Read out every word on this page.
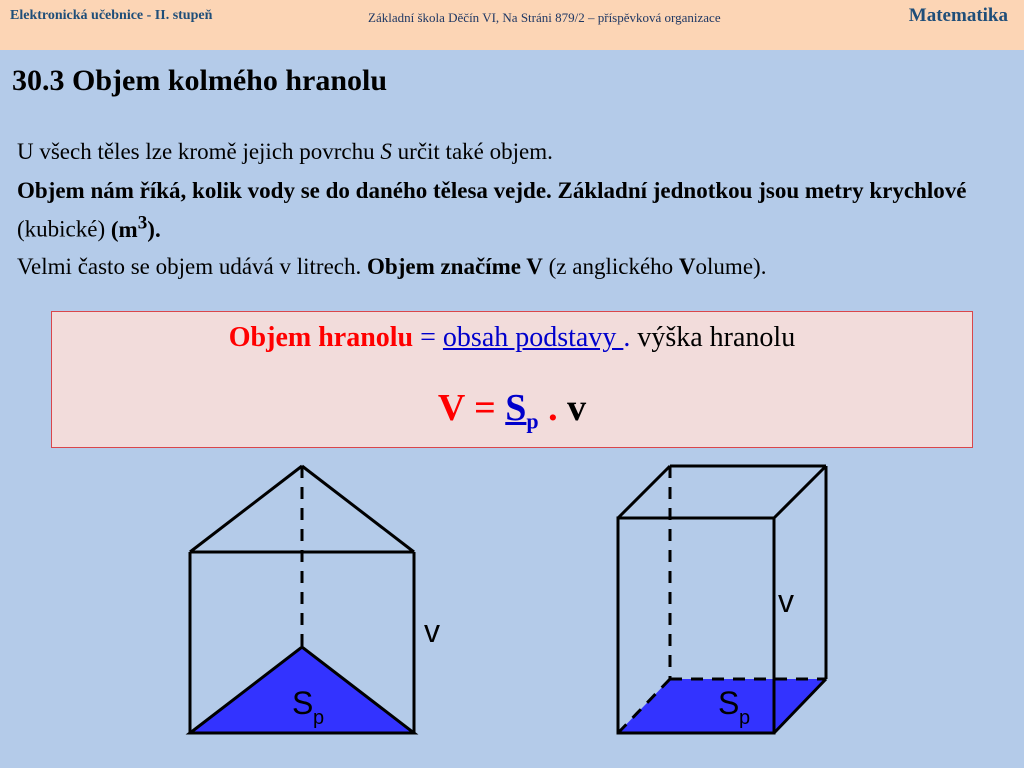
Elektronická učebnice - II. stupeň	Základní škola Děčín VI, Na Stráni 879/2 – příspěvková organizace	Matematika
30.3 Objem kolmého hranolu

U všech těles lze kromě jejich povrchu S určit také objem.

Objem nám říká, kolik vody se do daného tělesa vejde. Základní jednotkou jsou metry krychlové (kubické) $(m^3)$.

Velmi často se objem udává v litrech. Objem značíme V (z anglického Volume).

Objem hranolu = obsah podstavy . výška hranolu
$V = S_p$ . v
v
S p
v
S p
